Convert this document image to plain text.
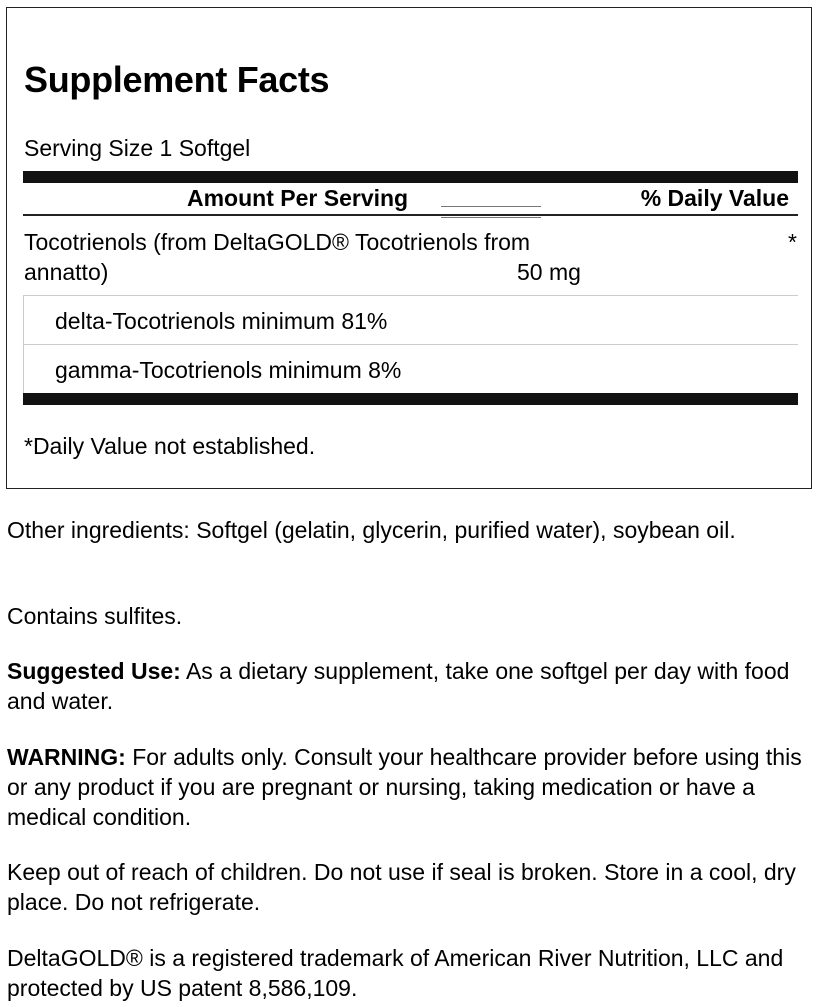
Supplement Facts
Serving Size 1 Softgel
Amount Per Serving	% Daily Value
Tocotrienols (from DeltaGOLD® Tocotrienols from
annatto)	50 mg
*
delta-Tocotrienols minimum 81%
gamma-Tocotrienols minimum 8%
*Daily Value not established.

Other ingredients: Softgel (gelatin, glycerin, purified water), soybean oil.

Contains sulfites.

Suggested Use: As a dietary supplement, take one softgel per day with food and water.

WARNING: For adults only. Consult your healthcare provider before using this or any product if you are pregnant or nursing, taking medication or have a medical condition.

Keep out of reach of children. Do not use if seal is broken. Store in a cool, dry place. Do not refrigerate.

DeltaGOLD® is a registered trademark of American River Nutrition, LLC and protected by US patent 8,586,109.
